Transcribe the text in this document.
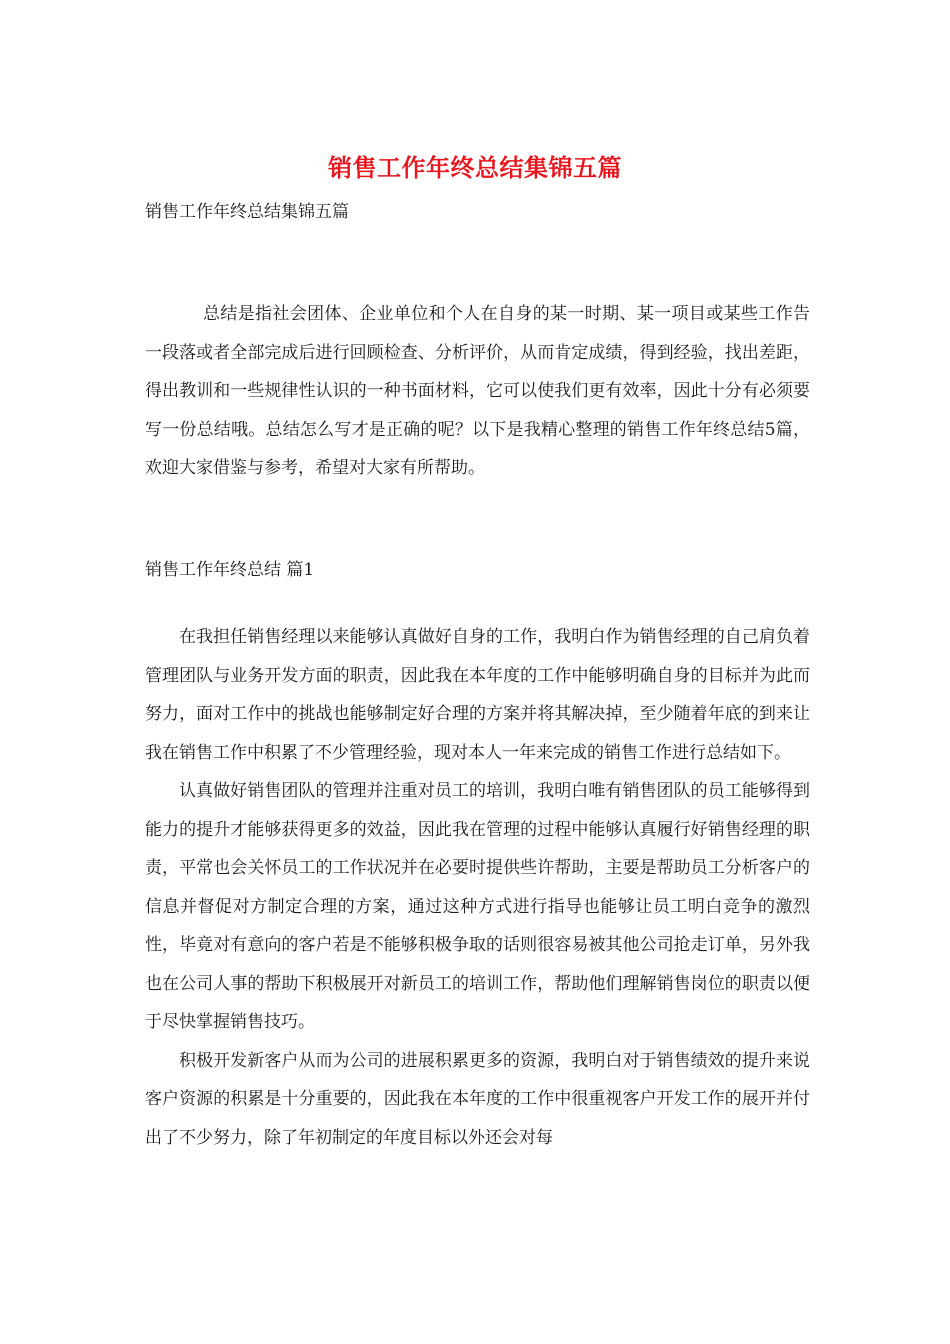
销售工作年终总结集锦五篇
销售工作年终总结集锦五篇

总结是指社会团体、企业单位和个人在自身的某一时期、某一项目或某些工作告一段落或者全部完成后进行回顾检查、分析评价，从而肯定成绩，得到经验，找出差距，得出教训和一些规律性认识的一种书面材料，它可以使我们更有效率，因此十分有必须要写一份总结哦。总结怎么写才是正确的呢？以下是我精心整理的销售工作年终总结5篇，欢迎大家借鉴与参考，希望对大家有所帮助。

销售工作年终总结 篇1

在我担任销售经理以来能够认真做好自身的工作，我明白作为销售经理的自己肩负着管理团队与业务开发方面的职责，因此我在本年度的工作中能够明确自身的目标并为此而努力，面对工作中的挑战也能够制定好合理的方案并将其解决掉，至少随着年底的到来让我在销售工作中积累了不少管理经验，现对本人一年来完成的销售工作进行总结如下。

认真做好销售团队的管理并注重对员工的培训，我明白唯有销售团队的员工能够得到能力的提升才能够获得更多的效益，因此我在管理的过程中能够认真履行好销售经理的职责，平常也会关怀员工的工作状况并在必要时提供些许帮助，主要是帮助员工分析客户的信息并督促对方制定合理的方案，通过这种方式进行指导也能够让员工明白竞争的激烈性，毕竟对有意向的客户若是不能够积极争取的话则很容易被其他公司抢走订单，另外我也在公司人事的帮助下积极展开对新员工的培训工作，帮助他们理解销售岗位的职责以便于尽快掌握销售技巧。

积极开发新客户从而为公司的进展积累更多的资源，我明白对于销售绩效的提升来说客户资源的积累是十分重要的，因此我在本年度的工作中很重视客户开发工作的展开并付出了不少努力，除了年初制定的年度目标以外还会对每
